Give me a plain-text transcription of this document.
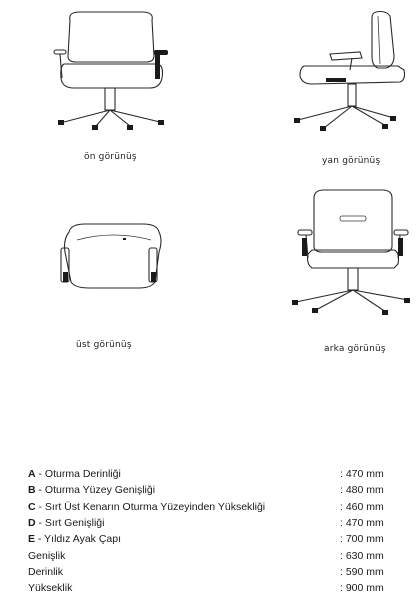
ön görünüş	yan görünüş
üst görünüş	arka görünüş
A - Oturma Derinliği	: 470 mm
B - Oturma Yüzey Genişliği	: 480 mm
C - Sırt Üst Kenarın Oturma Yüzeyinden Yüksekliği	: 460 mm
D - Sırt Genişliği	: 470 mm
E - Yıldız Ayak Çapı	: 700 mm
Genişlik	: 630 mm
Derinlik	: 590 mm
Yükseklik	: 900 mm
